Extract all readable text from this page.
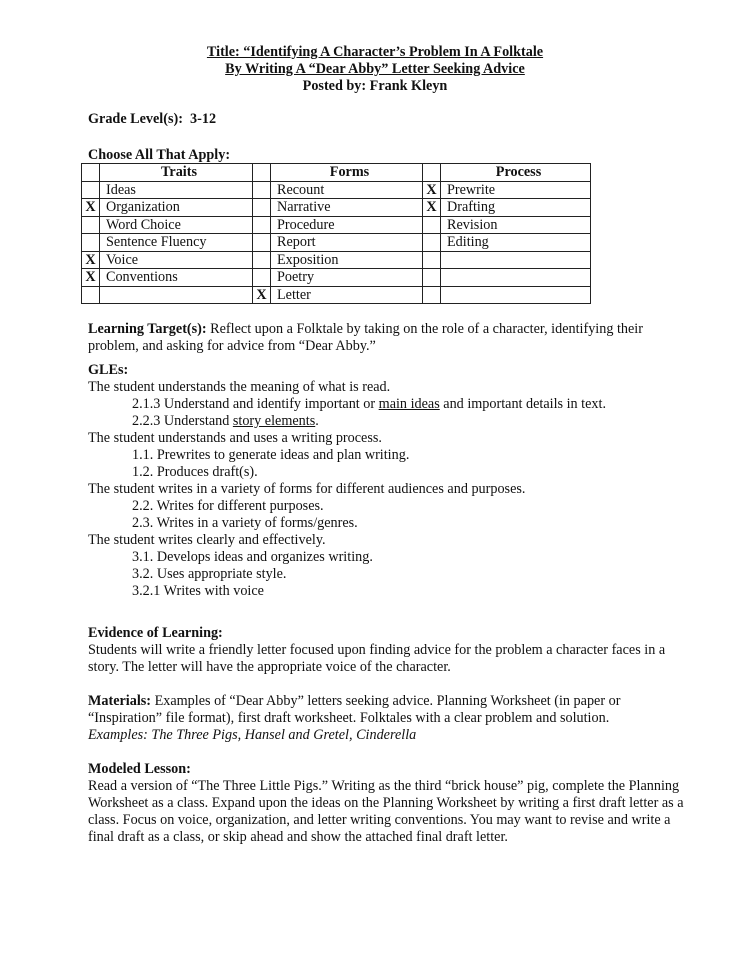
Title: “Identifying A Character’s Problem In A Folktale
By Writing A “Dear Abby” Letter Seeking Advice
Posted by: Frank Kleyn
Grade Level(s): 3-12
Choose All That Apply:
	Traits		Forms		Process
	Ideas		Recount	X	Prewrite
X	Organization		Narrative	X	Drafting
	Word Choice		Procedure		Revision
	Sentence Fluency		Report		Editing
X	Voice		Exposition		
X	Conventions		Poetry		
		X	Letter		
Learning Target(s): Reflect upon a Folktale by taking on the role of a character, identifying their problem, and asking for advice from “Dear Abby.”
GLEs:
The student understands the meaning of what is read.
2.1.3 Understand and identify important or main ideas and important details in text.
2.2.3 Understand story elements.
The student understands and uses a writing process.
1.1. Prewrites to generate ideas and plan writing.
1.2. Produces draft(s).
The student writes in a variety of forms for different audiences and purposes.
2.2. Writes for different purposes.
2.3. Writes in a variety of forms/genres.
The student writes clearly and effectively.
3.1. Develops ideas and organizes writing.
3.2. Uses appropriate style.
3.2.1 Writes with voice
Evidence of Learning:
Students will write a friendly letter focused upon finding advice for the problem a character faces in a story. The letter will have the appropriate voice of the character.
Materials: Examples of “Dear Abby” letters seeking advice. Planning Worksheet (in paper or “Inspiration” file format), first draft worksheet. Folktales with a clear problem and solution.
Examples: The Three Pigs, Hansel and Gretel, Cinderella
Modeled Lesson:
Read a version of “The Three Little Pigs.” Writing as the third “brick house” pig, complete the Planning Worksheet as a class. Expand upon the ideas on the Planning Worksheet by writing a first draft letter as a class. Focus on voice, organization, and letter writing conventions. You may want to revise and write a final draft as a class, or skip ahead and show the attached final draft letter.
